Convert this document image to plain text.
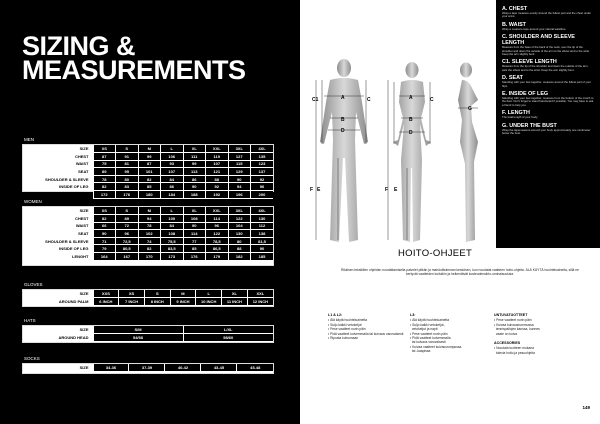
SIZING &
MEASUREMENTS
MEN
SIZE	XS	S	M	L	XL	XXL	3XL	4XL
CHEST	87	91	99	106	111	119	127	135
WAIST	75	81	87	93	99	107	115	123
SEAT	89	95	101	107	113	121	129	137
SHOULDER & SLEEVE	78	80	82	84	86	88	90	92
INSIDE OF LEG	82	83	85	86	90	92	94	96
LENGHT	172	176	180	184	188	192	196	200
WOMEN
SIZE	XS	S	M	L	XL	XXL	3XL	4XL
CHEST	82	89	94	100	108	114	122	130
WAIST	66	72	78	84	90	96	104	112
SEAT	90	96	102	108	114	122	130	138
SHOULDER & SLEEVE	71	72,5	74	75,5	77	78,5	80	81,5
INSIDE OF LEG	79	80,5	82	83,5	85	86,5	88	90
LENGHT	164	167	170	173	176	179	182	185
GLOVES
SIZE	XXS	XS	S	M	L	XL	XXL
AROUND PALM	6 INCH	7 INCH	8 INCH	9 INCH	10 INCH	11 INCH	12 INCH
HATS
SIZE	S/M	L/XL
AROUND HEAD	54/58	58/60
SOCKS
SIZE	34-36	37-39	40-42	43-45	45-48
A
B
C
C1
D
E
F
G
A
B
C
D
F E
A. CHEST
Wrap a tape measure evenly around the fullest part and the chest under your arms.
B. WAIST
Wrap a measure tape around your natural waistline.
C. SHOULDER AND SLEEVE LENGTH
Measure from the base of the back of the neck, over the tip of the shoulder and down the outside of the arm to the elbow and to the wrist. Keep the arm slightly bent.
C1. SLEEVE LENGTH
Measure from the tip of the shoulder and down the outside of the arm, past the elbow and to the wrist. Keep the arm slightly bent.
D. SEAT
Standing with your feet together, measure around the fullest part of your hips.
E. INSIDE OF LEG
Standing with your feet together, measure from the bottom of the crotch to the floor. Don't forget to stand barefooted if possible. You may have to ask a friend to help you.
F. LENGTH
The total length of your body.
G. UNDER THE BUST
Wrap the tapemeasure around your body approximately one centimeter below the bust.
HOITO-OHJEET
Rikkisen tekstiilien ohjeiden noudattamisella palvelet pitkän ja mahdollisimman kestoisen, kun noudatat vaatteen hoito-ohjeita. ÄLÄ KÄYTÄ huuhteluaineita, sillä ne kertyvät vaatteiden kuituihin ja heikentävät kosteudensiirto-ominaisuuksia.
L1 & L2:
• Älä käytä huuhteluainetta
• Suljo kaikki vetoketjut
• Pese vaatteet nurin päin
• Pidä vaatteet kuivemmalla tai kuivaus varovaisesti
• Ripusta kuivumaan
L3:
• Älä käytä huuhteluainetta
• Suljo kaikki vetoketjut,
vetoketjut ja napit
• Pese vaatteet nurin päin
• Pidä vaatteet kuivemmalla
tai kuivaus varovaisesti
• Kuivaa vaatteet kuivausrumpussa
tai -kaapissa
UNTUVATUOTTEET
• Pese vaatteet nurin päin
• Kuivaa kuivausrummussa
tennispallojen kanssa, kunnes
vaate on kuiva
ACCESSORIES
• Noudata tuotteen mukana
tulevia hoito-ja pesuohjeita
149
